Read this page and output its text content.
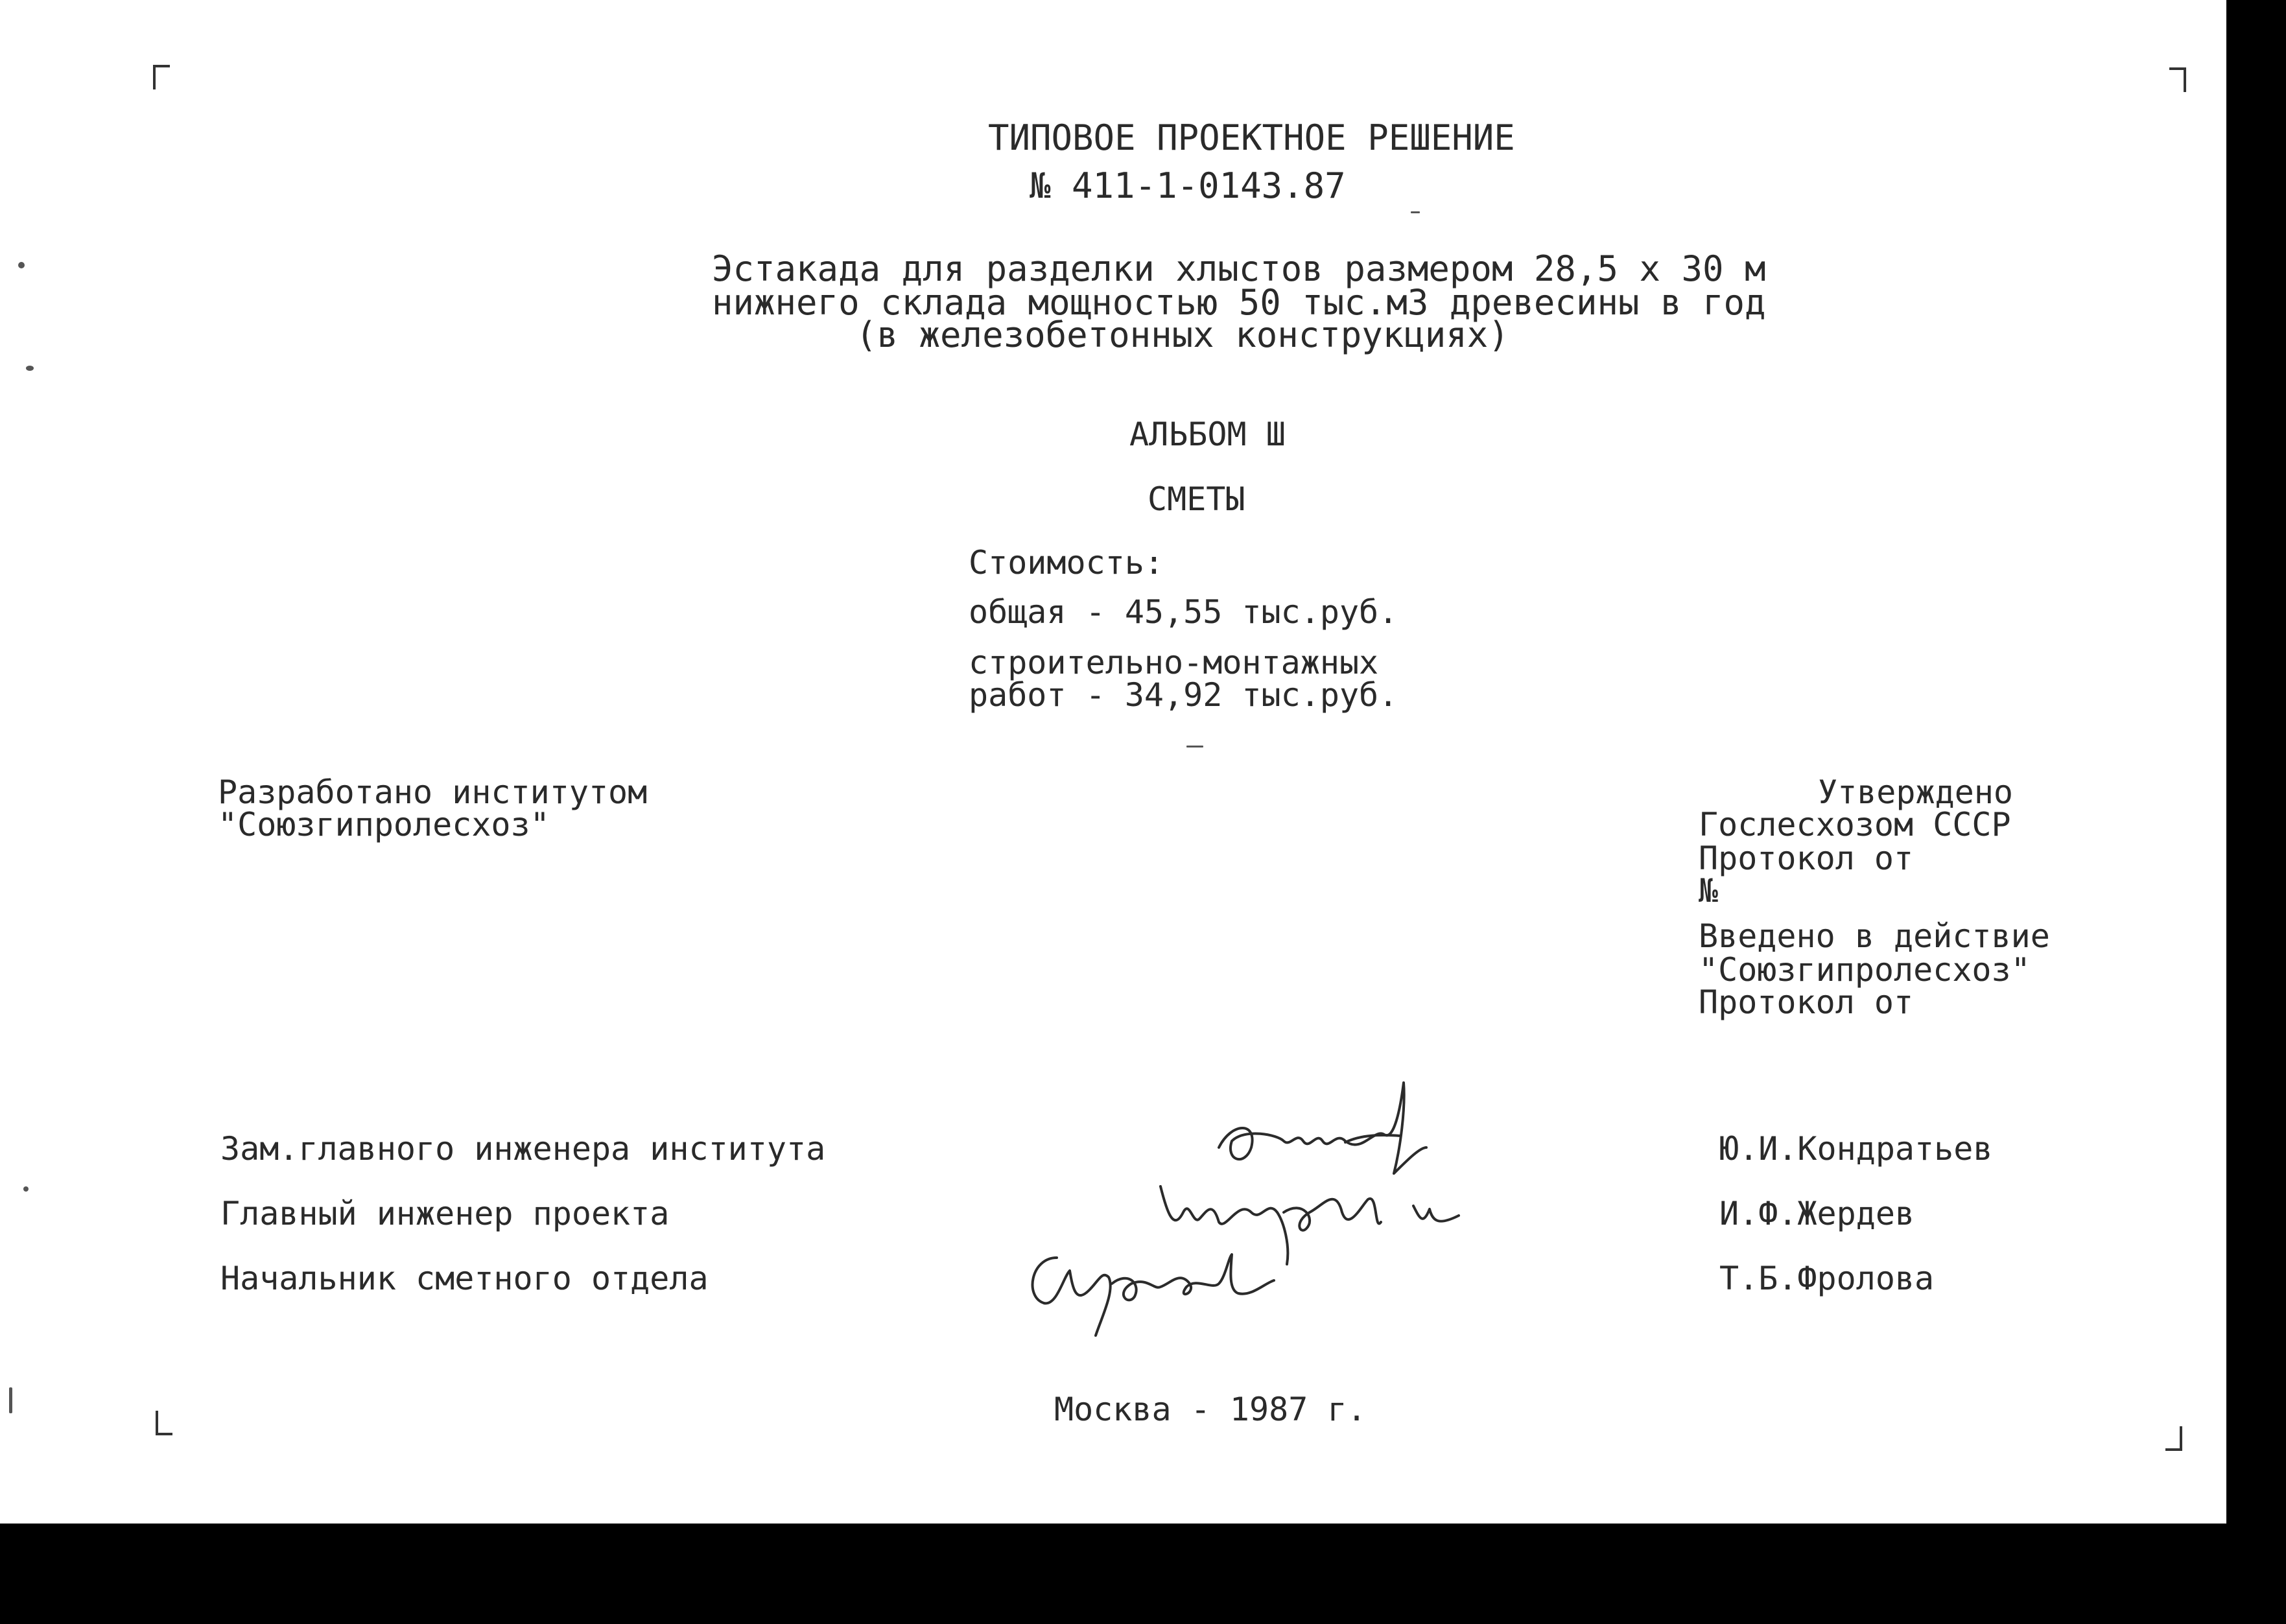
ТИПОВОЕ ПРОЕКТНОЕ РЕШЕНИЕ
№ 411-1-0143.87
Эстакада для разделки хлыстов размером 28,5 х 30 м
нижнего склада мощностью 50 тыс.м3 древесины в год
(в железобетонных конструкциях)
АЛЬБОМ Ш
СМЕТЫ
Стоимость:
общая - 45,55 тыс.руб.
строительно-монтажных
работ - 34,92 тыс.руб.
Разработано институтом
"Союзгипролесхоз"
Утверждено
Гослесхозом СССР
Протокол от
№
Введено в действие
"Союзгипролесхоз"
Протокол от
Зам.главного инженера института	Ю.И.Кондратьев
Главный инженер проекта	И.Ф.Жердев
Начальник сметного отдела	Т.Б.Фролова
Москва - 1987 г.
